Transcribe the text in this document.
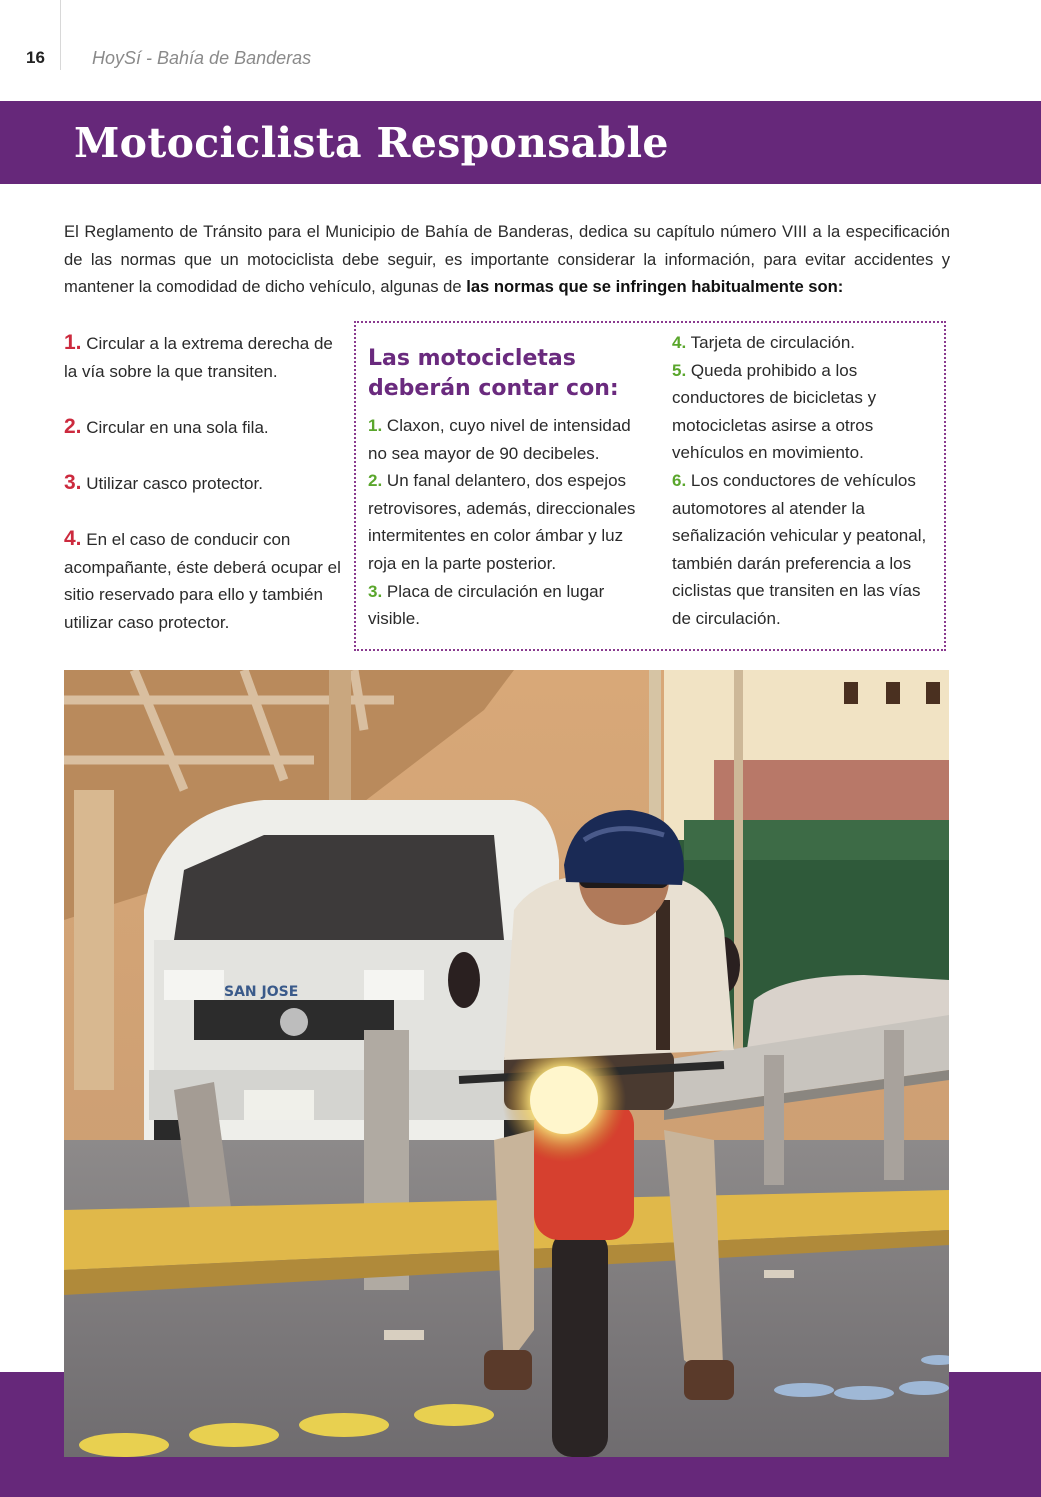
16	HoySí - Bahía de Banderas
Motociclista Responsable
El Reglamento de Tránsito para el Municipio de Bahía de Banderas, dedica su capítulo número VIII a la especificación de las normas que un motociclista debe seguir, es importante considerar la información, para evitar accidentes y mantener la comodidad de dicho vehículo, algunas de las normas que se infringen habitualmente son:
1. Circular a la extrema derecha de la vía sobre la que transiten.
2. Circular en una sola fila.
3. Utilizar casco protector.
4. En el caso de conducir con acompañante, éste deberá ocupar el sitio reservado para ello y también utilizar caso protector.
Las motocicletas deberán contar con:
1. Claxon, cuyo nivel de intensidad no sea mayor de 90 decibeles.
2. Un fanal delantero, dos espejos retrovisores, además, direccionales intermitentes en color ámbar y luz roja en la parte posterior.
3. Placa de circulación en lugar visible.
4. Tarjeta de circulación.
5. Queda prohibido a los conductores de bicicletas y motocicletas asirse a otros vehículos en movimiento.
6. Los conductores de vehículos automotores al atender la señalización vehicular y peatonal, también darán preferencia a los ciclistas que transiten en las vías de circulación.
SAN JOSE
